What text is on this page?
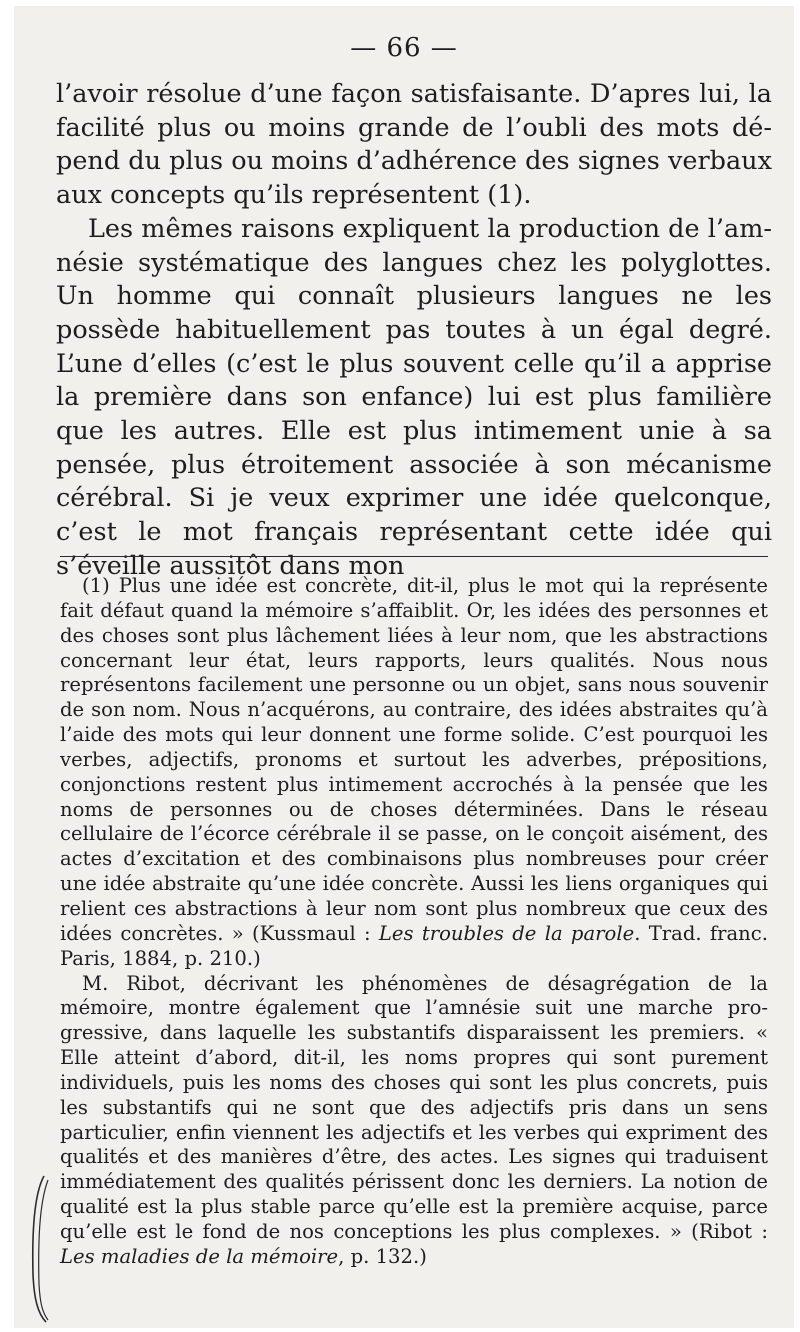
— 66 —

l’avoir résolue d’une façon satisfaisante. D’apres lui, la facilité plus ou moins grande de l’oubli des mots dépend du plus ou moins d’adhérence des signes verbaux aux concepts qu’ils représentent (1).

Les mêmes raisons expliquent la production de l’amnésie systématique des langues chez les polyglottes. Un homme qui connaît plusieurs langues ne les possède habituellement pas toutes à un égal degré. L’une d’elles (c’est le plus souvent celle qu’il a apprise la première dans son enfance) lui est plus familière que les autres. Elle est plus intimement unie à sa pensée, plus étroitement associée à son mécanisme cérébral. Si je veux exprimer une idée quelconque, c’est le mot français représentant cette idée qui s’éveille aussitôt dans mon

(1) Plus une idée est concrète, dit-il, plus le mot qui la représente fait défaut quand la mémoire s’affaiblit. Or, les idées des personnes et des choses sont plus lâchement liées à leur nom, que les abstractions concernant leur état, leurs rapports, leurs qualités. Nous nous représentons facilement une personne ou un objet, sans nous souvenir de son nom. Nous n’acquérons, au contraire, des idées abstraites qu’à l’aide des mots qui leur donnent une forme solide. C’est pourquoi les verbes, adjectifs, pronoms et surtout les adverbes, prépositions, conjonctions restent plus intimement accrochés à la pensée que les noms de personnes ou de choses déterminées. Dans le réseau cellulaire de l’écorce cérébrale il se passe, on le conçoit aisément, des actes d’excitation et des combinaisons plus nombreuses pour créer une idée abstraite qu’une idée concrète. Aussi les liens organiques qui relient ces abstractions à leur nom sont plus nombreux que ceux des idées concrètes. » (Kussmaul : Les troubles de la parole. Trad. franc. Paris, 1884, p. 210.)

M. Ribot, décrivant les phénomènes de désagrégation de la mémoire, montre également que l’amnésie suit une marche progressive, dans laquelle les substantifs disparaissent les premiers. « Elle atteint d’abord, dit-il, les noms propres qui sont purement individuels, puis les noms des choses qui sont les plus concrets, puis les substantifs qui ne sont que des adjectifs pris dans un sens particulier, enfin viennent les adjectifs et les verbes qui expriment des qualités et des manières d’être, des actes. Les signes qui traduisent immédiatement des qualités périssent donc les derniers. La notion de qualité est la plus stable parce qu’elle est la première acquise, parce qu’elle est le fond de nos conceptions les plus complexes. » (Ribot : Les maladies de la mémoire, p. 132.)
